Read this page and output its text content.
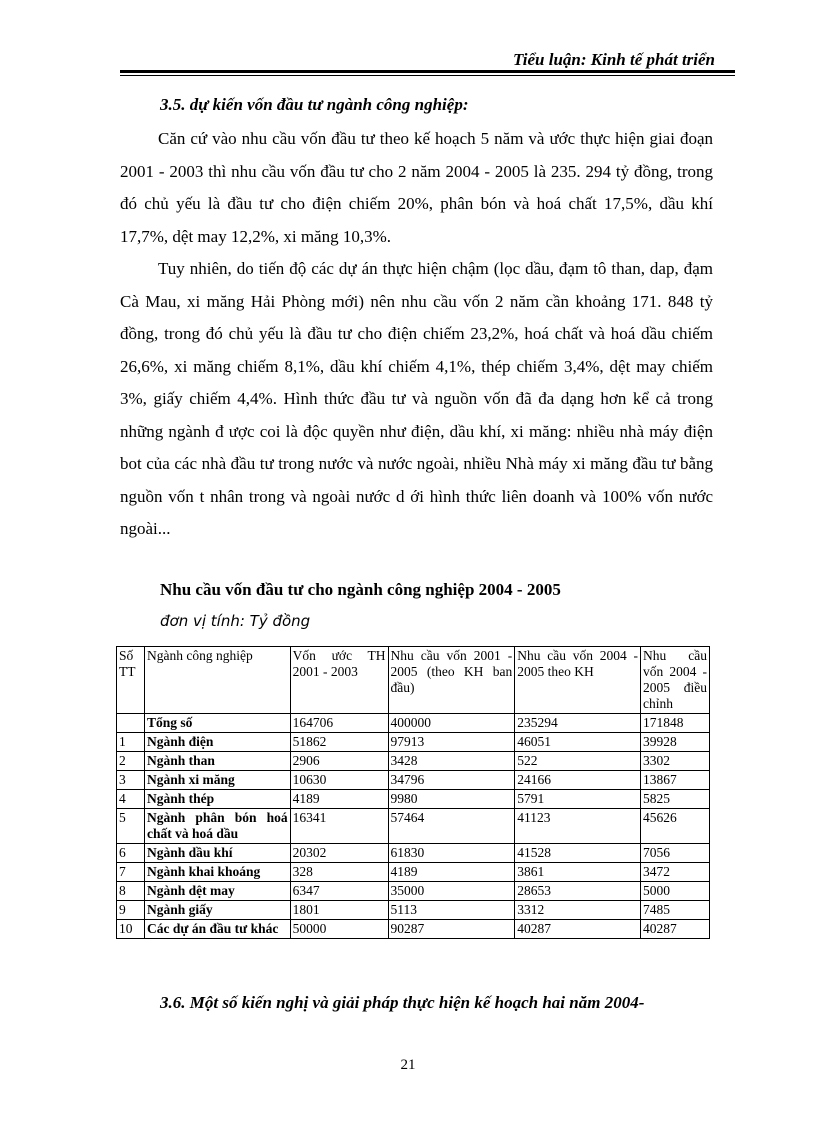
Tiểu luận: Kinh tế phát triển
3.5. dự kiến vốn đầu tư ngành công nghiệp:

Căn cứ vào nhu cầu vốn đầu tư theo kế hoạch 5 năm và ước thực hiện giai đoạn 2001 - 2003 thì nhu cầu vốn đầu tư cho 2 năm 2004 - 2005 là 235. 294 tỷ đồng, trong đó chủ yếu là đầu tư cho điện chiếm 20%, phân bón và hoá chất 17,5%, dầu khí 17,7%, dệt may 12,2%, xi măng 10,3%.

Tuy nhiên, do tiến độ các dự án thực hiện chậm (lọc dầu, đạm tô than, dap, đạm Cà Mau, xi măng Hải Phòng mới) nên nhu cầu vốn 2 năm cần khoảng 171. 848 tỷ đồng, trong đó chủ yếu là đầu tư cho điện chiếm 23,2%, hoá chất và hoá dầu chiếm 26,6%, xi măng chiếm 8,1%, dầu khí chiếm 4,1%, thép chiếm 3,4%, dệt may chiếm 3%, giấy chiếm 4,4%. Hình thức đầu tư và nguồn vốn đã đa dạng hơn kể cả trong những ngành đ ược coi là độc quyền như điện, dầu khí, xi măng: nhiều nhà máy điện bot của các nhà đầu tư trong nước và nước ngoài, nhiều Nhà máy xi măng đầu tư bằng nguồn vốn t nhân trong và ngoài nước d ới hình thức liên doanh và 100% vốn nước ngoài...

Nhu cầu vốn đầu tư cho ngành công nghiệp 2004 - 2005
đơn vị tính: Tỷ đồng
Số TT	Ngành công nghiệp	Vốn ước TH 2001 - 2003	Nhu cầu vốn 2001 - 2005 (theo KH ban đầu)	Nhu cầu vốn 2004 - 2005 theo KH	Nhu cầu vốn 2004 - 2005 điều chỉnh
	Tổng số	164706	400000	235294	171848
1	Ngành điện	51862	97913	46051	39928
2	Ngành than	2906	3428	522	3302
3	Ngành xi măng	10630	34796	24166	13867
4	Ngành thép	4189	9980	5791	5825
5	Ngành phân bón hoá chất và hoá dầu	16341	57464	41123	45626
6	Ngành dầu khí	20302	61830	41528	7056
7	Ngành khai khoáng	328	4189	3861	3472
8	Ngành dệt may	6347	35000	28653	5000
9	Ngành giấy	1801	5113	3312	7485
10	Các dự án đầu tư khác	50000	90287	40287	40287
3.6. Một số kiến nghị và giải pháp thực hiện kế hoạch hai năm 2004-
21
